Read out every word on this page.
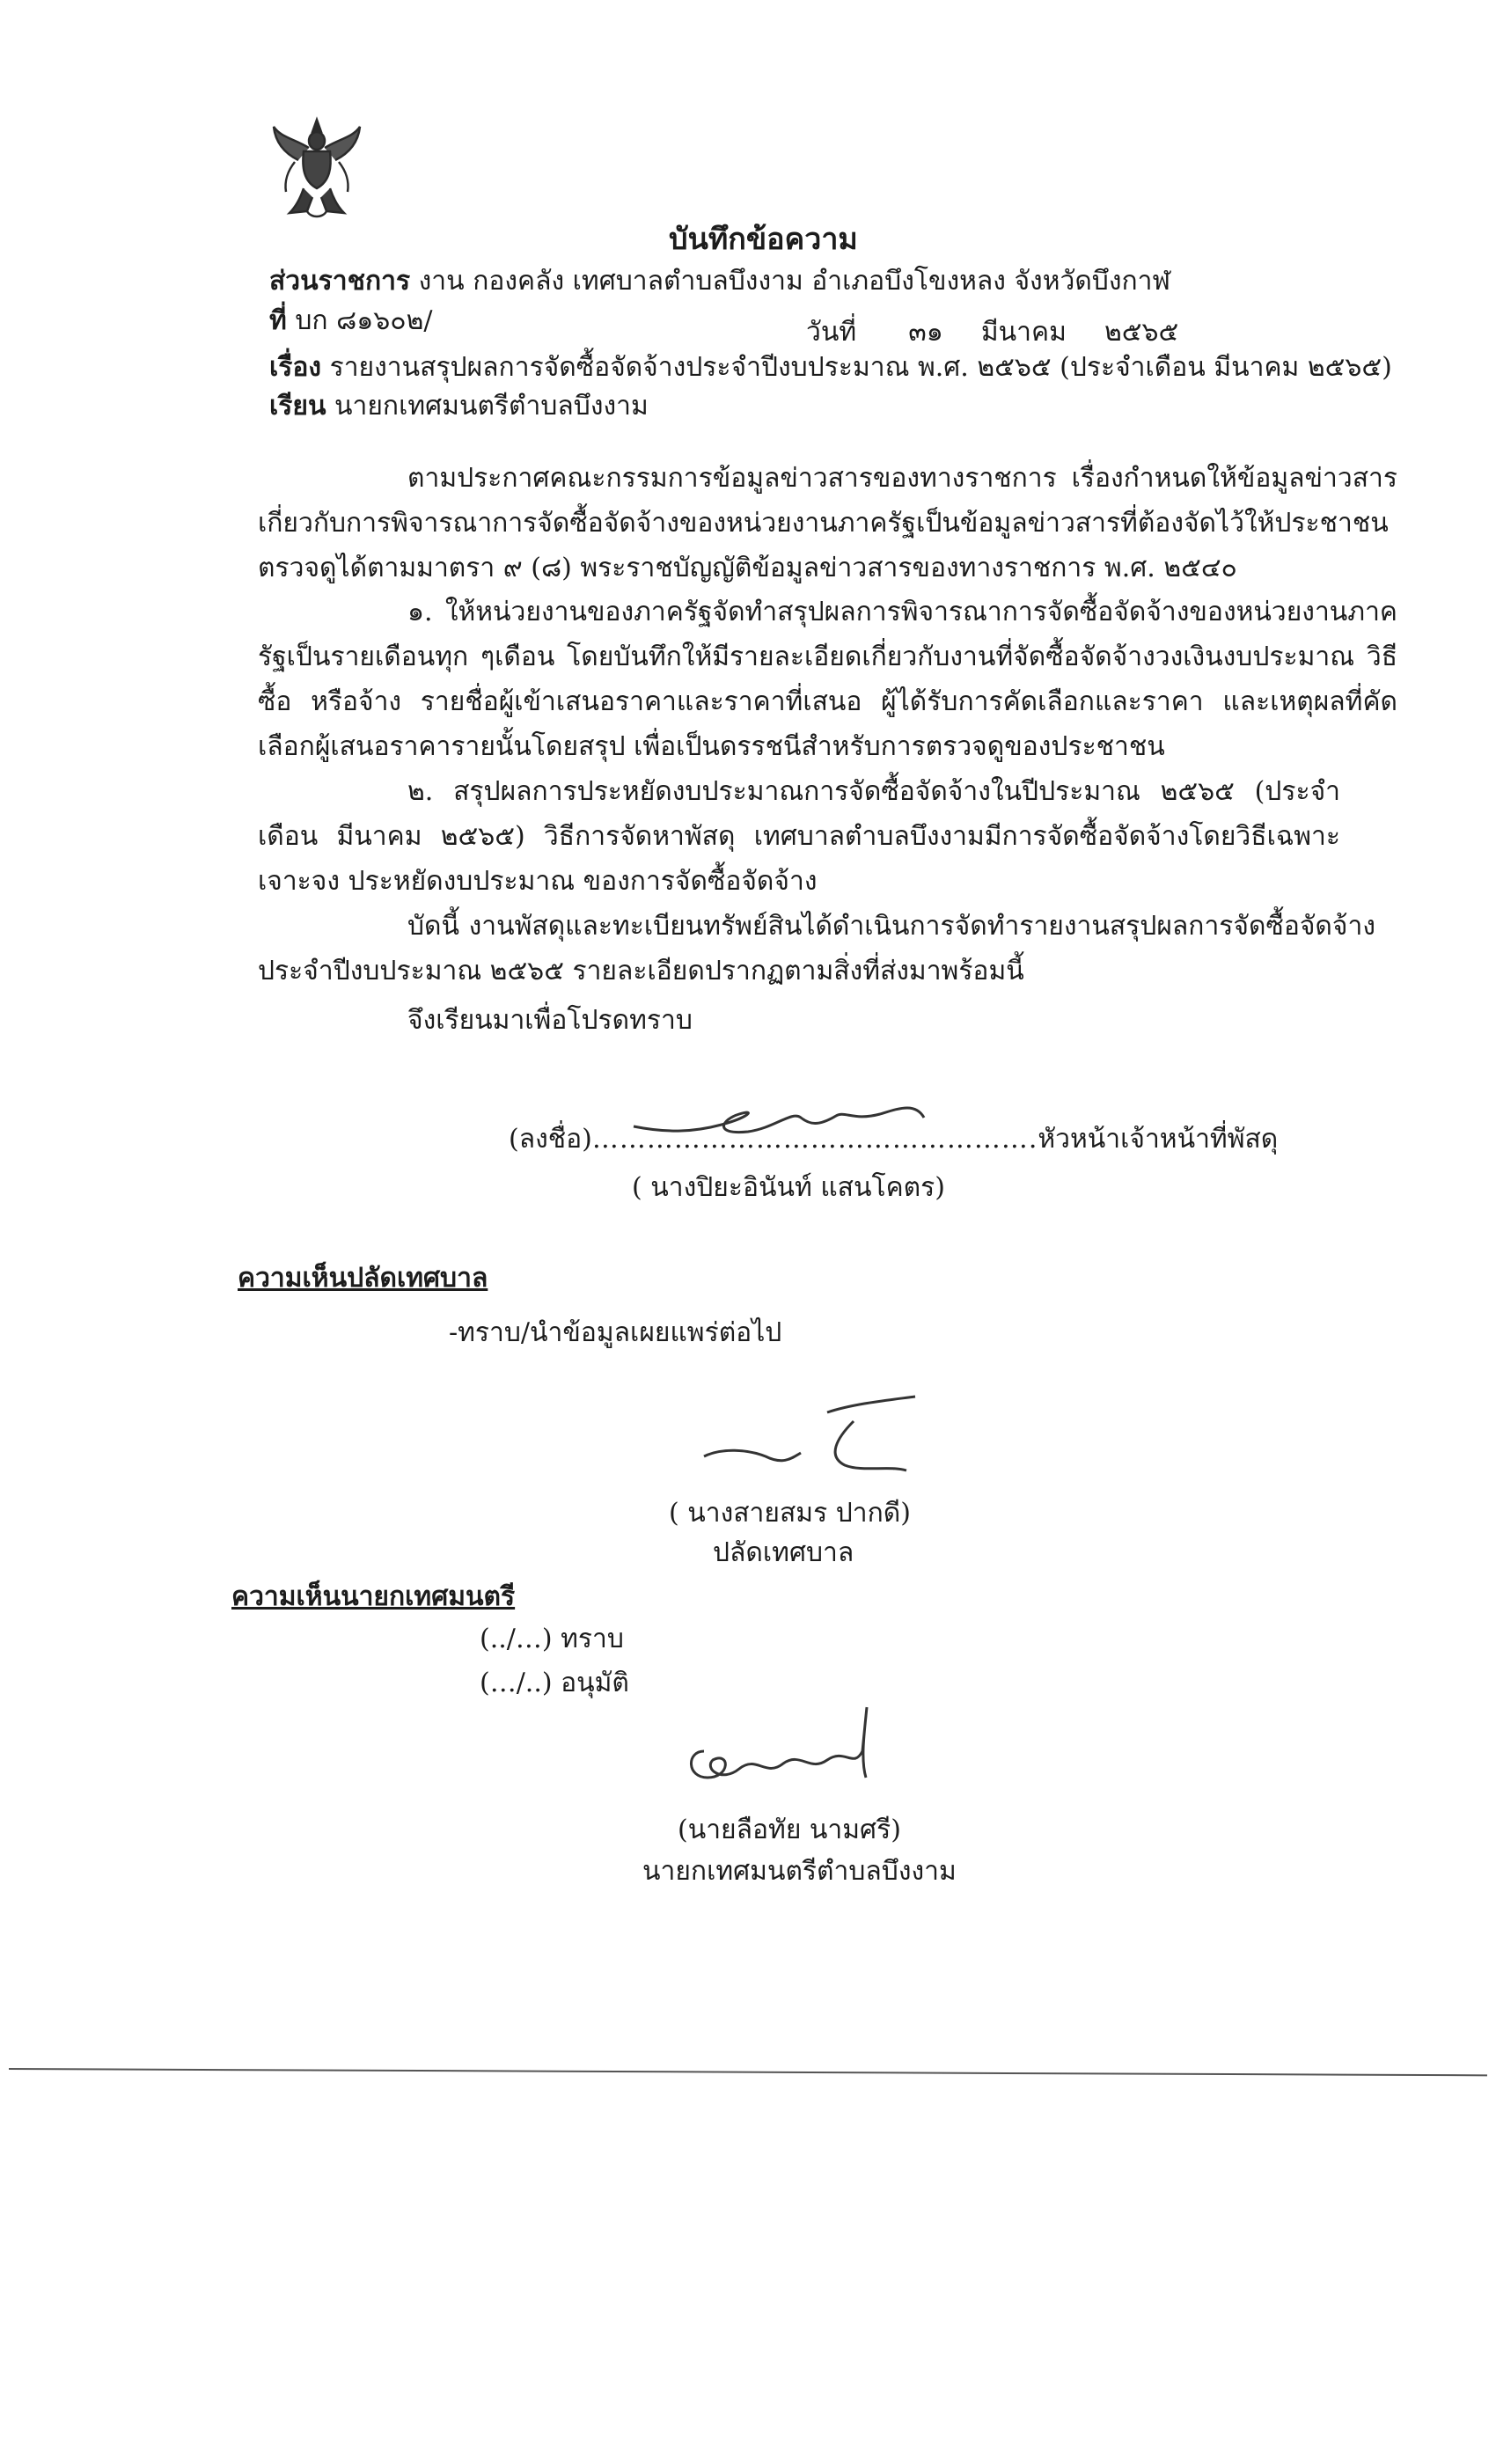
บันทึกข้อความ
ส่วนราชการ งาน กองคลัง เทศบาลตำบลบึงงาม อำเภอบึงโขงหลง จังหวัดบึงกาฬ
ที่ บก ๘๑๖๐๒/	วันที่ ๓๑ มีนาคม ๒๕๖๕
เรื่อง รายงานสรุปผลการจัดซื้อจัดจ้างประจำปีงบประมาณ พ.ศ. ๒๕๖๕ (ประจำเดือน มีนาคม ๒๕๖๕)
เรียน นายกเทศมนตรีตำบลบึงงาม
ตามประกาศคณะกรรมการข้อมูลข่าวสารของทางราชการ เรื่องกำหนดให้ข้อมูลข่าวสารเกี่ยวกับการพิจารณาการจัดซื้อจัดจ้างของหน่วยงานภาครัฐเป็นข้อมูลข่าวสารที่ต้องจัดไว้ให้ประชาชนตรวจดูได้ตามมาตรา ๙ (๘) พระราชบัญญัติข้อมูลข่าวสารของทางราชการ พ.ศ. ๒๕๔๐
๑. ให้หน่วยงานของภาครัฐจัดทำสรุปผลการพิจารณาการจัดซื้อจัดจ้างของหน่วยงานภาครัฐเป็นรายเดือนทุก ๆเดือน โดยบันทึกให้มีรายละเอียดเกี่ยวกับงานที่จัดซื้อจัดจ้างวงเงินงบประมาณ วิธีซื้อ หรือจ้าง รายชื่อผู้เข้าเสนอราคาและราคาที่เสนอ ผู้ได้รับการคัดเลือกและราคา และเหตุผลที่คัดเลือกผู้เสนอราคารายนั้นโดยสรุป เพื่อเป็นดรรชนีสำหรับการตรวจดูของประชาชน
๒. สรุปผลการประหยัดงบประมาณการจัดซื้อจัดจ้างในปีประมาณ ๒๕๖๕ (ประจำเดือน มีนาคม ๒๕๖๕) วิธีการจัดหาพัสดุ เทศบาลตำบลบึงงามมีการจัดซื้อจัดจ้างโดยวิธีเฉพาะเจาะจง ประหยัดงบประมาณ ของการจัดซื้อจัดจ้าง
บัดนี้ งานพัสดุและทะเบียนทรัพย์สินได้ดำเนินการจัดทำรายงานสรุปผลการจัดซื้อจัดจ้างประจำปีงบประมาณ ๒๕๖๕ รายละเอียดปรากฏตามสิ่งที่ส่งมาพร้อมนี้
จึงเรียนมาเพื่อโปรดทราบ
(ลงชื่อ)………………………………………….หัวหน้าเจ้าหน้าที่พัสดุ
( นางปิยะอินันท์ แสนโคตร)
ความเห็นปลัดเทศบาล
-ทราบ/นำข้อมูลเผยแพร่ต่อไป
( นางสายสมร ปากดี)
ปลัดเทศบาล
ความเห็นนายกเทศมนตรี
(../…) ทราบ
(…/..) อนุมัติ
(นายลือทัย นามศรี)
นายกเทศมนตรีตำบลบึงงาม
